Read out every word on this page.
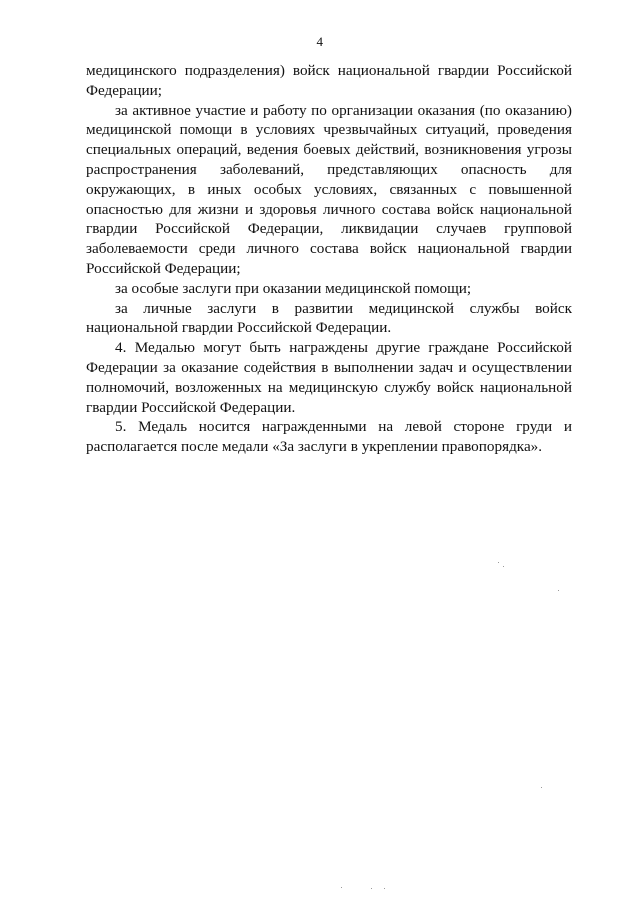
4

медицинского подразделения) войск национальной гвардии Российской Федерации;

за активное участие и работу по организации оказания (по оказанию) медицинской помощи в условиях чрезвычайных ситуаций, проведения специальных операций, ведения боевых действий, возникновения угрозы распространения заболеваний, представляющих опасность для окружающих, в иных особых условиях, связанных с повышенной опасностью для жизни и здоровья личного состава войск национальной гвардии Российской Федерации, ликвидации случаев групповой заболеваемости среди личного состава войск национальной гвардии Российской Федерации;

за особые заслуги при оказании медицинской помощи;

за личные заслуги в развитии медицинской службы войск национальной гвардии Российской Федерации.

4. Медалью могут быть награждены другие граждане Российской Федерации за оказание содействия в выполнении задач и осуществлении полномочий, возложенных на медицинскую службу войск национальной гвардии Российской Федерации.

5. Медаль носится награжденными на левой стороне груди и располагается после медали «За заслуги в укреплении правопорядка».
